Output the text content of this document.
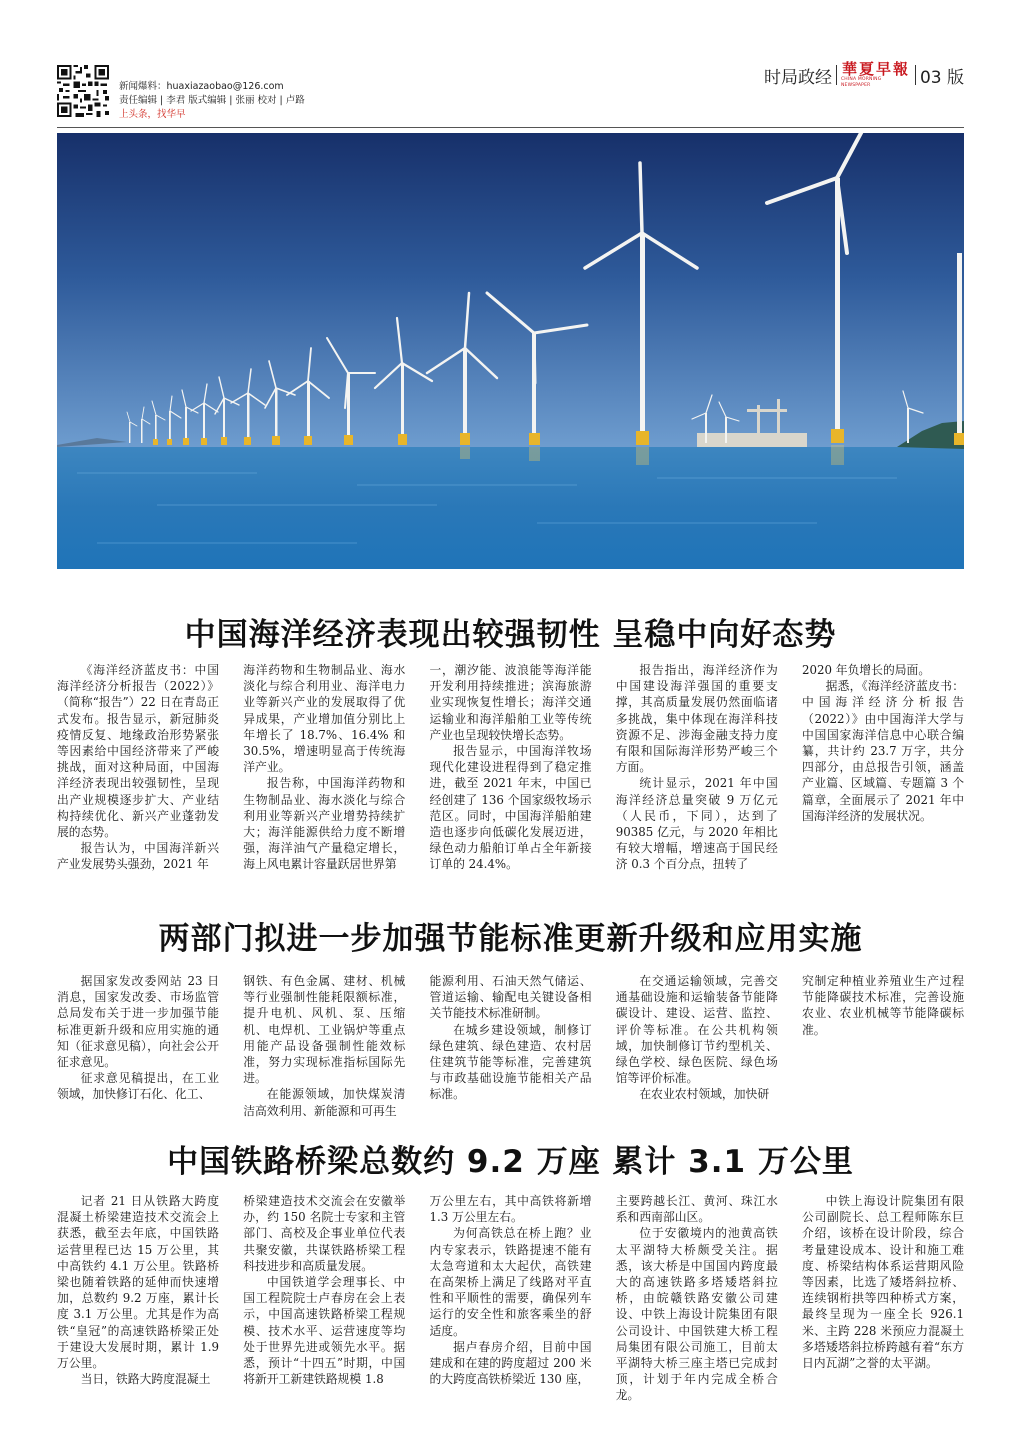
新闻爆料：huaxiazaobao@126.com
责任编辑 | 李君 版式编辑 | 张丽 校对 | 卢路
上头条，找华早
时局政经 華夏早報
CHINA MORNING NEWSPAPER	03 版
中国海洋经济表现出较强韧性 呈稳中向好态势

《海洋经济蓝皮书：中国海洋经济分析报告（2022）》（简称“报告”）22 日在青岛正式发布。报告显示，新冠肺炎疫情反复、地缘政治形势紧张等因素给中国经济带来了严峻挑战，面对这种局面，中国海洋经济表现出较强韧性，呈现出产业规模逐步扩大、产业结构持续优化、新兴产业蓬勃发展的态势。

报告认为，中国海洋新兴产业发展势头强劲，2021 年

海洋药物和生物制品业、海水淡化与综合利用业、海洋电力业等新兴产业的发展取得了优异成果，产业增加值分别比上年增长了 18.7%、16.4% 和 30.5%，增速明显高于传统海洋产业。

报告称，中国海洋药物和生物制品业、海水淡化与综合利用业等新兴产业增势持续扩大；海洋能源供给力度不断增强，海洋油气产量稳定增长，海上风电累计容量跃居世界第

一，潮汐能、波浪能等海洋能开发利用持续推进；滨海旅游业实现恢复性增长；海洋交通运输业和海洋船舶工业等传统产业也呈现较快增长态势。

报告显示，中国海洋牧场现代化建设进程得到了稳定推进，截至 2021 年末，中国已经创建了 136 个国家级牧场示范区。同时，中国海洋船舶建造也逐步向低碳化发展迈进，绿色动力船舶订单占全年新接订单的 24.4%。

报告指出，海洋经济作为中国建设海洋强国的重要支撑，其高质量发展仍然面临诸多挑战，集中体现在海洋科技资源不足、涉海金融支持力度有限和国际海洋形势严峻三个方面。

统计显示，2021 年中国海洋经济总量突破 9 万亿元（人民币，下同），达到了 90385 亿元，与 2020 年相比有较大增幅，增速高于国民经济 0.3 个百分点，扭转了

2020 年负增长的局面。

据悉，《海洋经济蓝皮书：中国海洋经济分析报告（2022）》由中国海洋大学与中国国家海洋信息中心联合编纂，共计约 23.7 万字，共分四部分，由总报告引领，涵盖产业篇、区域篇、专题篇 3 个篇章，全面展示了 2021 年中国海洋经济的发展状况。

两部门拟进一步加强节能标准更新升级和应用实施

据国家发改委网站 23 日消息，国家发改委、市场监管总局发布关于进一步加强节能标准更新升级和应用实施的通知（征求意见稿），向社会公开征求意见。

征求意见稿提出，在工业领域，加快修订石化、化工、

钢铁、有色金属、建材、机械等行业强制性能耗限额标准，提升电机、风机、泵、压缩机、电焊机、工业锅炉等重点用能产品设备强制性能效标准，努力实现标准指标国际先进。

在能源领域，加快煤炭清洁高效利用、新能源和可再生

能源利用、石油天然气储运、管道运输、输配电关键设备相关节能技术标准研制。

在城乡建设领域，制修订绿色建筑、绿色建造、农村居住建筑节能等标准，完善建筑与市政基础设施节能相关产品标准。

在交通运输领域，完善交通基础设施和运输装备节能降碳设计、建设、运营、监控、评价等标准。在公共机构领域，加快制修订节约型机关、绿色学校、绿色医院、绿色场馆等评价标准。

在农业农村领域，加快研

究制定种植业养殖业生产过程节能降碳技术标准，完善设施农业、农业机械等节能降碳标准。

中国铁路桥梁总数约 9.2 万座 累计 3.1 万公里

记者 21 日从铁路大跨度混凝土桥梁建造技术交流会上获悉，截至去年底，中国铁路运营里程已达 15 万公里，其中高铁约 4.1 万公里。铁路桥梁也随着铁路的延伸而快速增加，总数约 9.2 万座，累计长度 3.1 万公里。尤其是作为高铁“皇冠”的高速铁路桥梁正处于建设大发展时期，累计 1.9 万公里。

当日，铁路大跨度混凝土

桥梁建造技术交流会在安徽举办，约 150 名院士专家和主管部门、高校及企事业单位代表共聚安徽，共谋铁路桥梁工程科技进步和高质量发展。

中国铁道学会理事长、中国工程院院士卢春房在会上表示，中国高速铁路桥梁工程规模、技术水平、运营速度等均处于世界先进或领先水平。据悉，预计“十四五”时期，中国将新开工新建铁路规模 1.8

万公里左右，其中高铁将新增 1.3 万公里左右。

为何高铁总在桥上跑？业内专家表示，铁路提速不能有太急弯道和太大起伏，高铁建在高架桥上满足了线路对平直性和平顺性的需要，确保列车运行的安全性和旅客乘坐的舒适度。

据卢春房介绍，目前中国建成和在建的跨度超过 200 米的大跨度高铁桥梁近 130 座，

主要跨越长江、黄河、珠江水系和西南部山区。

位于安徽境内的池黄高铁太平湖特大桥颇受关注。据悉，该大桥是中国国内跨度最大的高速铁路多塔矮塔斜拉桥，由皖赣铁路安徽公司建设、中铁上海设计院集团有限公司设计、中国铁建大桥工程局集团有限公司施工，目前太平湖特大桥三座主塔已完成封顶，计划于年内完成全桥合龙。

中铁上海设计院集团有限公司副院长、总工程师陈东巨介绍，该桥在设计阶段，综合考量建设成本、设计和施工难度、桥梁结构体系运营期风险等因素，比选了矮塔斜拉桥、连续钢桁拱等四种桥式方案，最终呈现为一座全长 926.1 米、主跨 228 米预应力混凝土多塔矮塔斜拉桥跨越有着“东方日内瓦湖”之誉的太平湖。
